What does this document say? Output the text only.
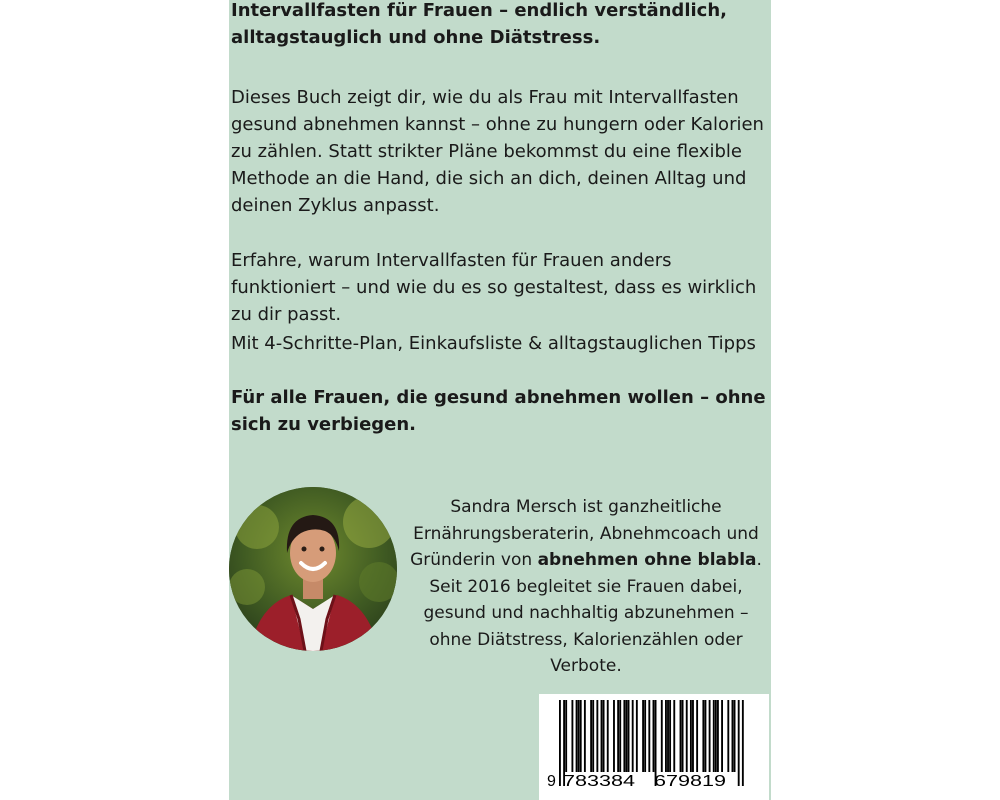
Intervallfasten für Frauen – endlich verständlich, alltagstauglich und ohne Diätstress.

Dieses Buch zeigt dir, wie du als Frau mit Intervallfasten gesund abnehmen kannst – ohne zu hungern oder Kalorien zu zählen. Statt strikter Pläne bekommst du eine flexible Methode an die Hand, die sich an dich, deinen Alltag und deinen Zyklus anpasst.

Erfahre, warum Intervallfasten für Frauen anders funktioniert – und wie du es so gestaltest, dass es wirklich zu dir passt.

Mit 4-Schritte-Plan, Einkaufsliste & alltagstauglichen Tipps

Für alle Frauen, die gesund abnehmen wollen – ohne sich zu verbiegen.

Sandra Mersch ist ganzheitliche Ernährungsberaterin, Abnehmcoach und Gründerin von abnehmen ohne blabla. Seit 2016 begleitet sie Frauen dabei, gesund und nachhaltig abzunehmen – ohne Diätstress, Kalorienzählen oder Verbote.

9 783384 679819
